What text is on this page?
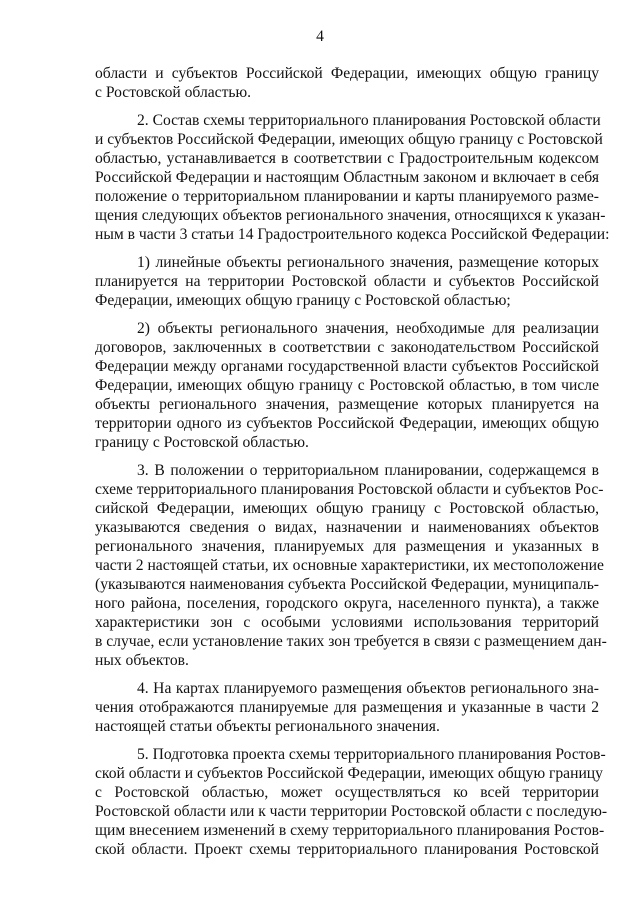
4
области и субъектов Российской Федерации, имеющих общую границу
с Ростовской областью.
2. Состав схемы территориального планирования Ростовской области
и субъектов Российской Федерации, имеющих общую границу с Ростовской
областью, устанавливается в соответствии с Градостроительным кодексом
Российской Федерации и настоящим Областным законом и включает в себя
положение о территориальном планировании и карты планируемого разме-
щения следующих объектов регионального значения, относящихся к указан-
ным в части 3 статьи 14 Градостроительного кодекса Российской Федерации:
1) линейные объекты регионального значения, размещение которых
планируется на территории Ростовской области и субъектов Российской
Федерации, имеющих общую границу с Ростовской областью;
2) объекты регионального значения, необходимые для реализации
договоров, заключенных в соответствии с законодательством Российской
Федерации между органами государственной власти субъектов Российской
Федерации, имеющих общую границу с Ростовской областью, в том числе
объекты регионального значения, размещение которых планируется на
территории одного из субъектов Российской Федерации, имеющих общую
границу с Ростовской областью.
3. В положении о территориальном планировании, содержащемся в
схеме территориального планирования Ростовской области и субъектов Рос-
сийской Федерации, имеющих общую границу с Ростовской областью,
указываются сведения о видах, назначении и наименованиях объектов
регионального значения, планируемых для размещения и указанных в
части 2 настоящей статьи, их основные характеристики, их местоположение
(указываются наименования субъекта Российской Федерации, муниципаль-
ного района, поселения, городского округа, населенного пункта), а также
характеристики зон с особыми условиями использования территорий
в случае, если установление таких зон требуется в связи с размещением дан-
ных объектов.
4. На картах планируемого размещения объектов регионального зна-
чения отображаются планируемые для размещения и указанные в части 2
настоящей статьи объекты регионального значения.
5. Подготовка проекта схемы территориального планирования Ростов-
ской области и субъектов Российской Федерации, имеющих общую границу
с Ростовской областью, может осуществляться ко всей территории
Ростовской области или к части территории Ростовской области с последую-
щим внесением изменений в схему территориального планирования Ростов-
ской области. Проект схемы территориального планирования Ростовской
